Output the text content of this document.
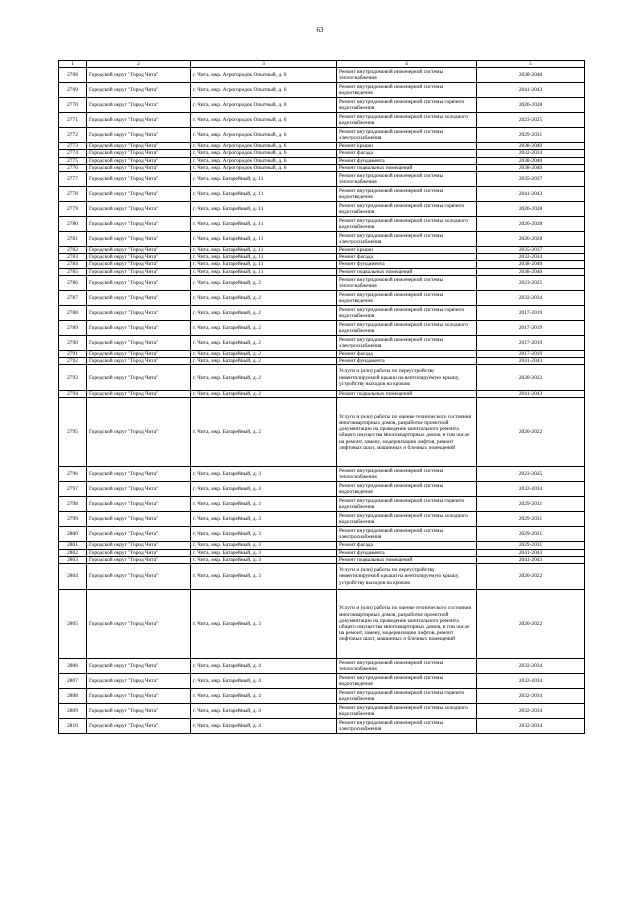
63
1	2	3	4	5
2768	Городской округ "Город Чита"	г. Чита, мкр. Агрогородок Опытный, д. 6	Ремонт внутридомовой инженерной системы теплоснабжения	2038-2040
2769	Городской округ "Город Чита"	г. Чита, мкр. Агрогородок Опытный, д. 6	Ремонт внутридомовой инженерной системы водоотведения	2041-2043
2770	Городской округ "Город Чита"	г. Чита, мкр. Агрогородок Опытный, д. 6	Ремонт внутридомовой инженерной системы горячего водоснабжения	2026-2028
2771	Городской округ "Город Чита"	г. Чита, мкр. Агрогородок Опытный, д. 6	Ремонт внутридомовой инженерной системы холодного водоснабжения	2023-2025
2772	Городской округ "Город Чита"	г. Чита, мкр. Агрогородок Опытный, д. 6	Ремонт внутридомовой инженерной системы электроснабжения	2029-2031
2773	Городской округ "Город Чита"	г. Чита, мкр. Агрогородок Опытный, д. 6	Ремонт крыши	2038-2040
2774	Городской округ "Город Чита"	г. Чита, мкр. Агрогородок Опытный, д. 6	Ремонт фасада	2032-2034
2775	Городской округ "Город Чита"	г. Чита, мкр. Агрогородок Опытный, д. 6	Ремонт фундамента	2038-2040
2776	Городской округ "Город Чита"	г. Чита, мкр. Агрогородок Опытный, д. 6	Ремонт подвальных помещений	2038-2040
2777	Городской округ "Город Чита"	г. Чита, мкр. Батарейный, д. 11	Ремонт внутридомовой инженерной системы теплоснабжения	2035-2037
2778	Городской округ "Город Чита"	г. Чита, мкр. Батарейный, д. 11	Ремонт внутридомовой инженерной системы водоотведения	2041-2043
2779	Городской округ "Город Чита"	г. Чита, мкр. Батарейный, д. 11	Ремонт внутридомовой инженерной системы горячего водоснабжения	2026-2028
2780	Городской округ "Город Чита"	г. Чита, мкр. Батарейный, д. 11	Ремонт внутридомовой инженерной системы холодного водоснабжения	2026-2028
2781	Городской округ "Город Чита"	г. Чита, мкр. Батарейный, д. 11	Ремонт внутридомовой инженерной системы электроснабжения	2026-2028
2782	Городской округ "Город Чита"	г. Чита, мкр. Батарейный, д. 11	Ремонт крыши	2035-2037
2783	Городской округ "Город Чита"	г. Чита, мкр. Батарейный, д. 11	Ремонт фасада	2032-2034
2784	Городской округ "Город Чита"	г. Чита, мкр. Батарейный, д. 11	Ремонт фундамента	2038-2040
2785	Городской округ "Город Чита"	г. Чита, мкр. Батарейный, д. 11	Ремонт подвальных помещений	2038-2040
2786	Городской округ "Город Чита"	г. Чита, мкр. Батарейный, д. 2	Ремонт внутридомовой инженерной системы теплоснабжения	2023-2025
2787	Городской округ "Город Чита"	г. Чита, мкр. Батарейный, д. 2	Ремонт внутридомовой инженерной системы водоотведения	2032-2034
2788	Городской округ "Город Чита"	г. Чита, мкр. Батарейный, д. 2	Ремонт внутридомовой инженерной системы горячего водоснабжения	2017-2019
2789	Городской округ "Город Чита"	г. Чита, мкр. Батарейный, д. 2	Ремонт внутридомовой инженерной системы холодного водоснабжения	2017-2019
2790	Городской округ "Город Чита"	г. Чита, мкр. Батарейный, д. 2	Ремонт внутридомовой инженерной системы электроснабжения	2017-2019
2791	Городской округ "Город Чита"	г. Чита, мкр. Батарейный, д. 2	Ремонт фасада	2017-2019
2792	Городской округ "Город Чита"	г. Чита, мкр. Батарейный, д. 2	Ремонт фундамента	2041-2043
2793	Городской округ "Город Чита"	г. Чита, мкр. Батарейный, д. 2	Услуги и (или) работы по переустройству невентилируемой крыши на вентилируемую крышу, устройству выходов на кровлю	2020-2022
2794	Городской округ "Город Чита"	г. Чита, мкр. Батарейный, д. 2	Ремонт подвальных помещений	2041-2043
2795	Городской округ "Город Чита"	г. Чита, мкр. Батарейный, д. 2	Услуги и (или) работы по оценке технического состояния многоквартирных домов, разработке проектной документации на проведение капитального ремонта общего имущества многоквартирных домов, в том числе на ремонт, замену, модернизацию лифтов, ремонт лифтовых шахт, машинных и блочных помещений	2020-2022
2796	Городской округ "Город Чита"	г. Чита, мкр. Батарейный, д. 3	Ремонт внутридомовой инженерной системы теплоснабжения	2023-2025
2797	Городской округ "Город Чита"	г. Чита, мкр. Батарейный, д. 3	Ремонт внутридомовой инженерной системы водоотведения	2032-2034
2798	Городской округ "Город Чита"	г. Чита, мкр. Батарейный, д. 3	Ремонт внутридомовой инженерной системы горячего водоснабжения	2029-2031
2799	Городской округ "Город Чита"	г. Чита, мкр. Батарейный, д. 3	Ремонт внутридомовой инженерной системы холодного водоснабжения	2029-2031
2800	Городской округ "Город Чита"	г. Чита, мкр. Батарейный, д. 3	Ремонт внутридомовой инженерной системы электроснабжения	2029-2031
2801	Городской округ "Город Чита"	г. Чита, мкр. Батарейный, д. 3	Ремонт фасада	2029-2031
2802	Городской округ "Город Чита"	г. Чита, мкр. Батарейный, д. 3	Ремонт фундамента	2041-2043
2803	Городской округ "Город Чита"	г. Чита, мкр. Батарейный, д. 3	Ремонт подвальных помещений	2041-2043
2804	Городской округ "Город Чита"	г. Чита, мкр. Батарейный, д. 3	Услуги и (или) работы по переустройству невентилируемой крыши на вентилируемую крышу, устройству выходов на кровлю	2020-2022
2805	Городской округ "Город Чита"	г. Чита, мкр. Батарейный, д. 3	Услуги и (или) работы по оценке технического состояния многоквартирных домов, разработке проектной документации на проведение капитального ремонта общего имущества многоквартирных домов, в том числе на ремонт, замену, модернизацию лифтов, ремонт лифтовых шахт, машинных и блочных помещений	2020-2022
2806	Городской округ "Город Чита"	г. Чита, мкр. Батарейный, д. 4	Ремонт внутридомовой инженерной системы теплоснабжения	2032-2034
2807	Городской округ "Город Чита"	г. Чита, мкр. Батарейный, д. 4	Ремонт внутридомовой инженерной системы водоотведения	2032-2034
2808	Городской округ "Город Чита"	г. Чита, мкр. Батарейный, д. 4	Ремонт внутридомовой инженерной системы горячего водоснабжения	2032-2034
2809	Городской округ "Город Чита"	г. Чита, мкр. Батарейный, д. 4	Ремонт внутридомовой инженерной системы холодного водоснабжения	2032-2034
2810	Городской округ "Город Чита"	г. Чита, мкр. Батарейный, д. 4	Ремонт внутридомовой инженерной системы электроснабжения	2032-2034
